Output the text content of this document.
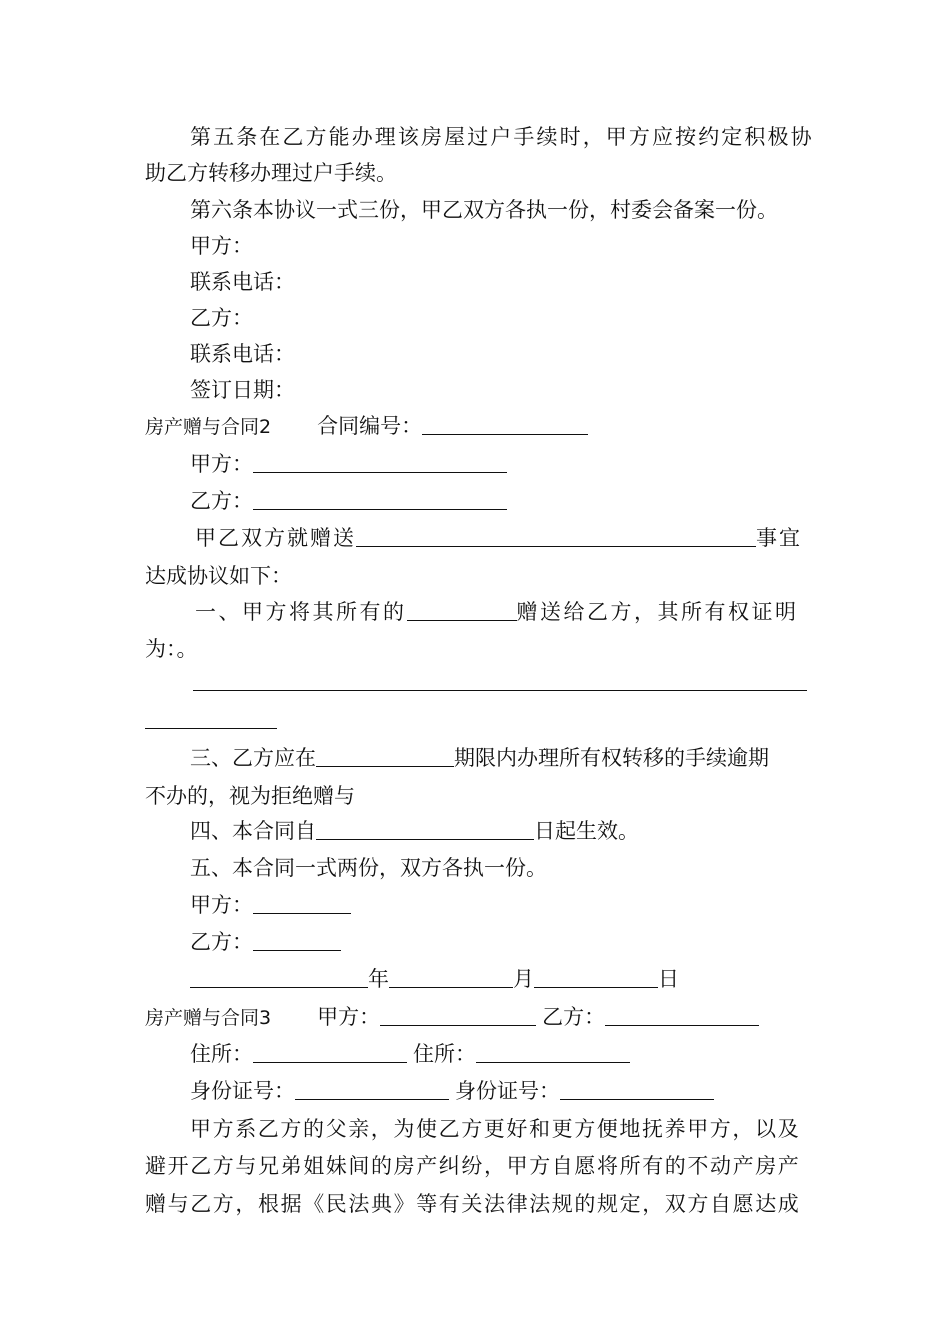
第五条在乙方能办理该房屋过户手续时，甲方应按约定积极协
助乙方转移办理过户手续。
第六条本协议一式三份，甲乙双方各执一份，村委会备案一份。
甲方：
联系电话：
乙方：
联系电话：
签订日期：
房产赠与合同2 合同编号：
甲方：
乙方：
甲乙双方就赠送	事宜
达成协议如下：
一、甲方将其所有的	赠送给乙方，其所有权证明
为：。
三、乙方应在	期限内办理所有权转移的手续逾期
不办的，视为拒绝赠与
四、本合同自	日起生效。
五、本合同一式两份，双方各执一份。
甲方：
乙方：
年	月	日
房产赠与合同3 甲方：	乙方：
住所：	住所：
身份证号：	身份证号：
甲方系乙方的父亲，为使乙方更好和更方便地抚养甲方，以及
避开乙方与兄弟姐妹间的房产纠纷，甲方自愿将所有的不动产房产
赠与乙方，根据《民法典》等有关法律法规的规定，双方自愿达成
